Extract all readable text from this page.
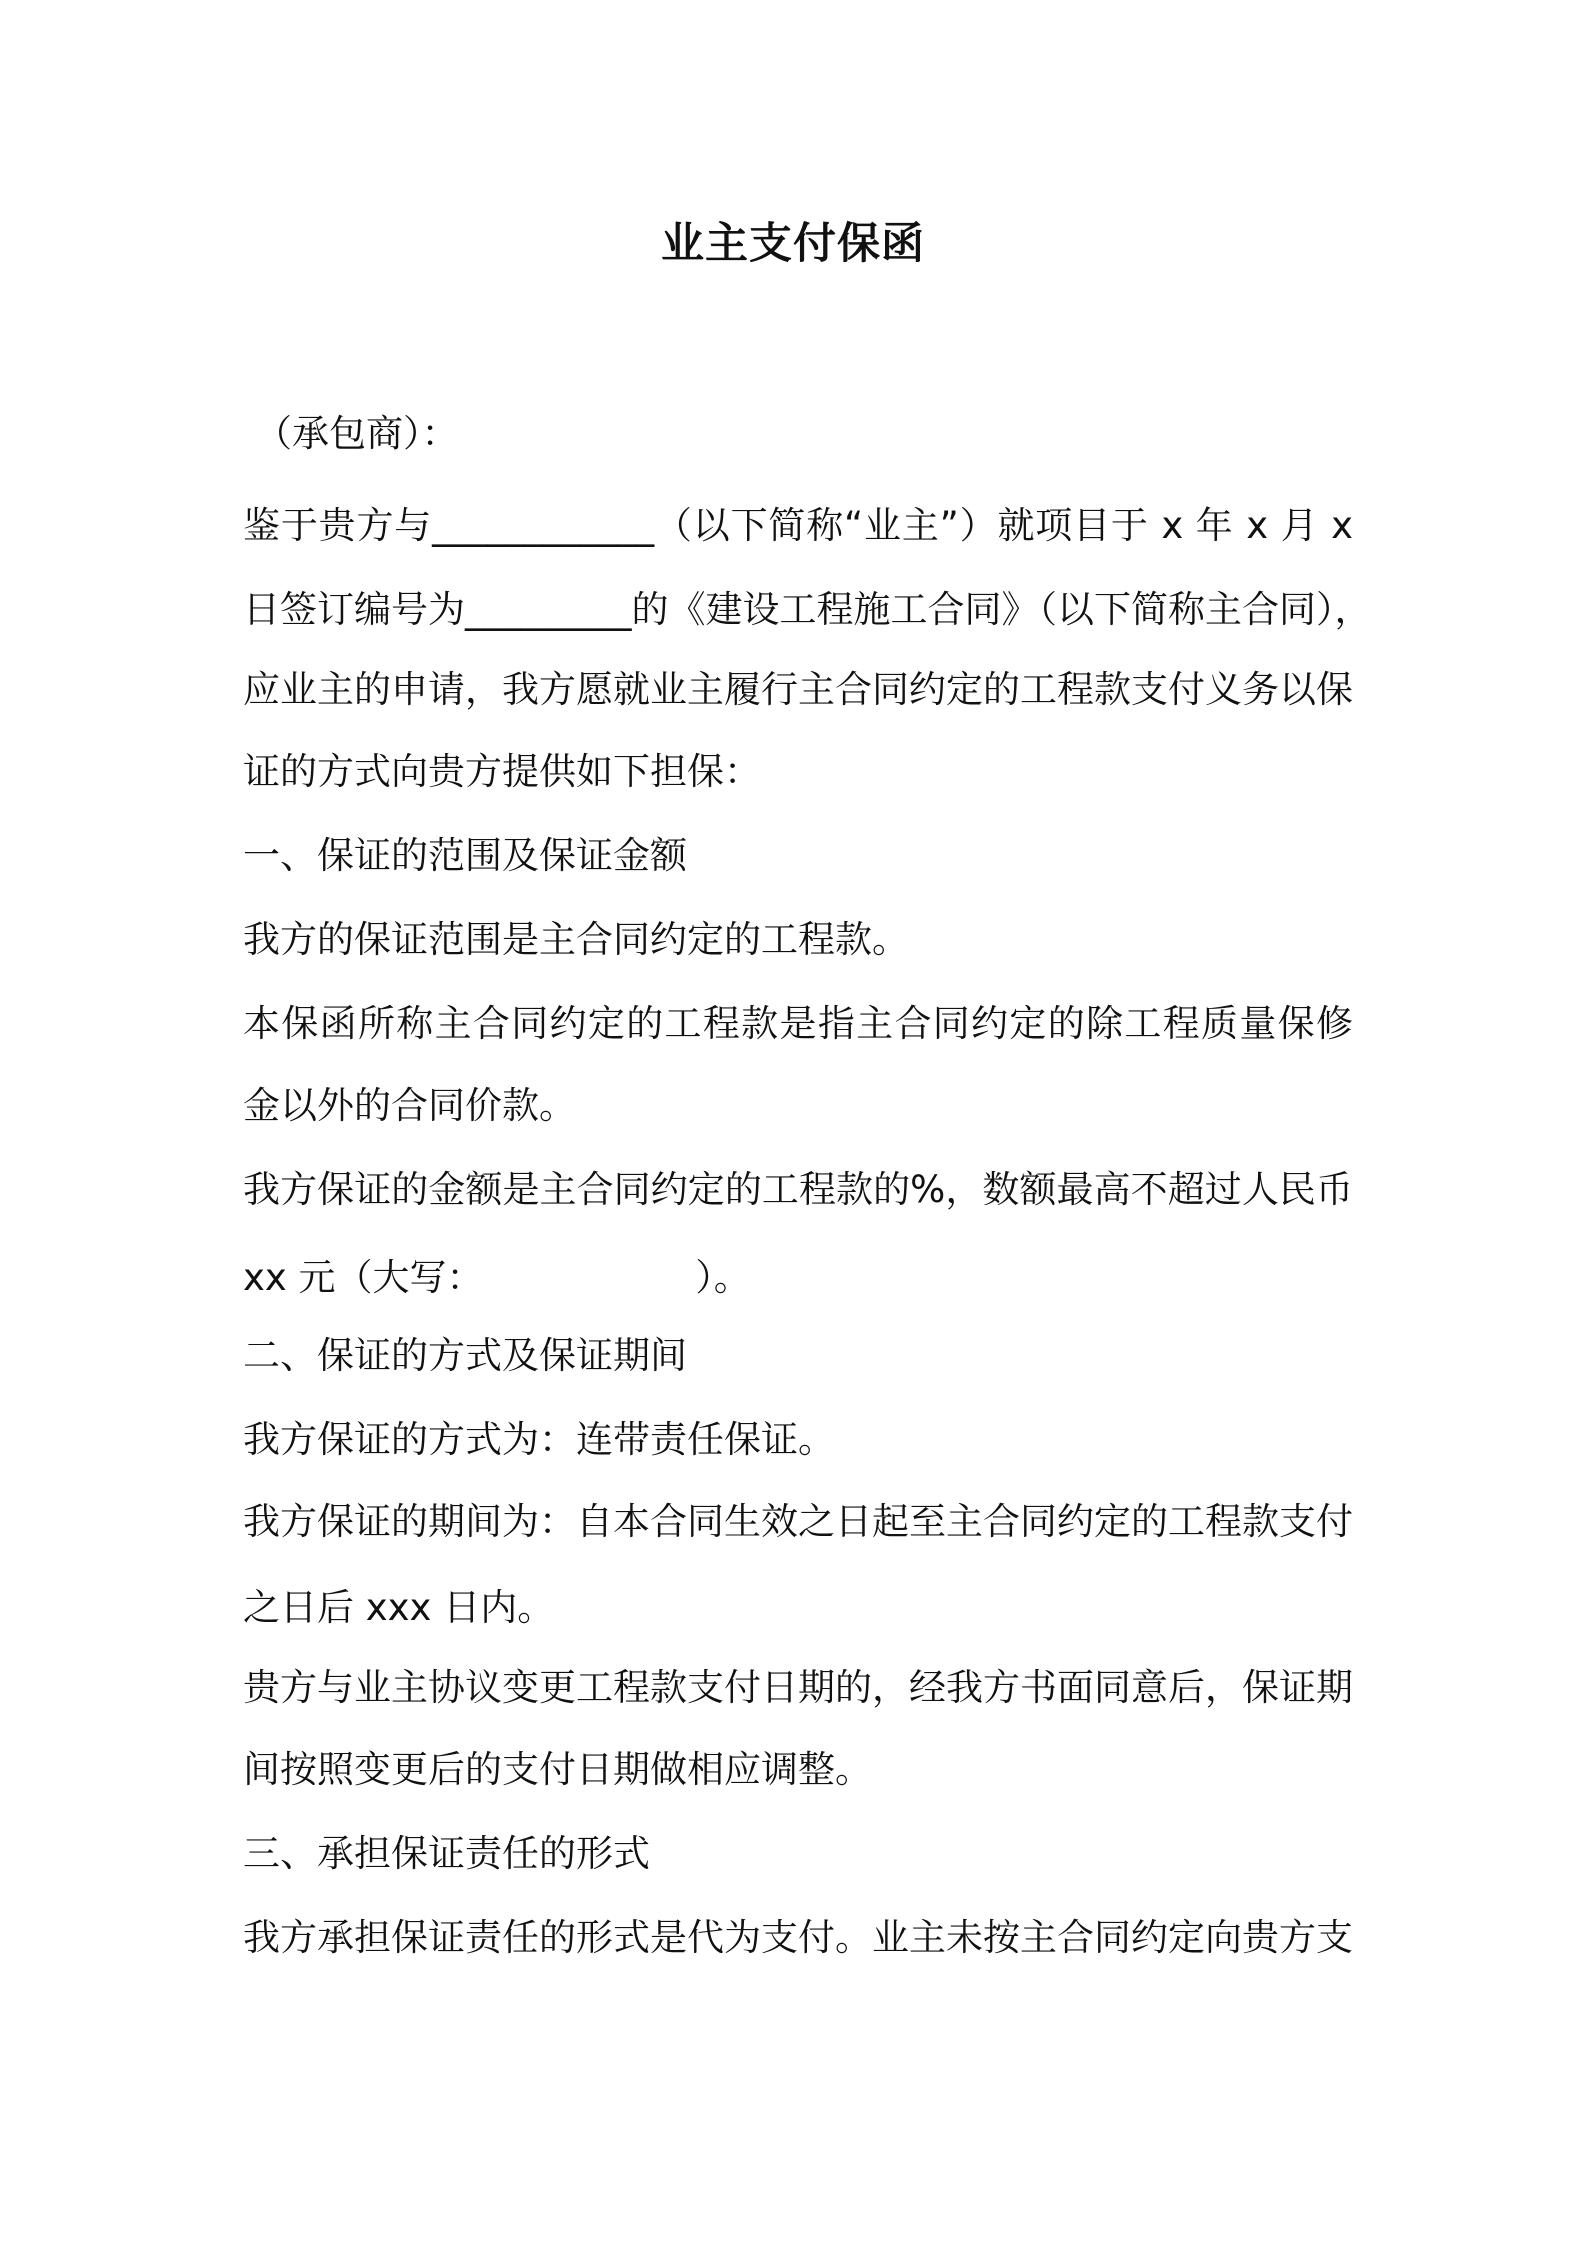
业主支付保函
（承包商）：
鉴于贵方与____________（以下简称“业主”）就项目于 x 年 x 月 x
日签订编号为_________的《建设工程施工合同》（以下简称主合同），
应业主的申请，我方愿就业主履行主合同约定的工程款支付义务以保
证的方式向贵方提供如下担保：
一、保证的范围及保证金额
我方的保证范围是主合同约定的工程款。
本保函所称主合同约定的工程款是指主合同约定的除工程质量保修
金以外的合同价款。
我方保证的金额是主合同约定的工程款的%，数额最高不超过人民币
xx 元（大写：                  ）。
二、保证的方式及保证期间
我方保证的方式为：连带责任保证。
我方保证的期间为：自本合同生效之日起至主合同约定的工程款支付
之日后 xxx 日内。
贵方与业主协议变更工程款支付日期的，经我方书面同意后，保证期
间按照变更后的支付日期做相应调整。
三、承担保证责任的形式
我方承担保证责任的形式是代为支付。业主未按主合同约定向贵方支
